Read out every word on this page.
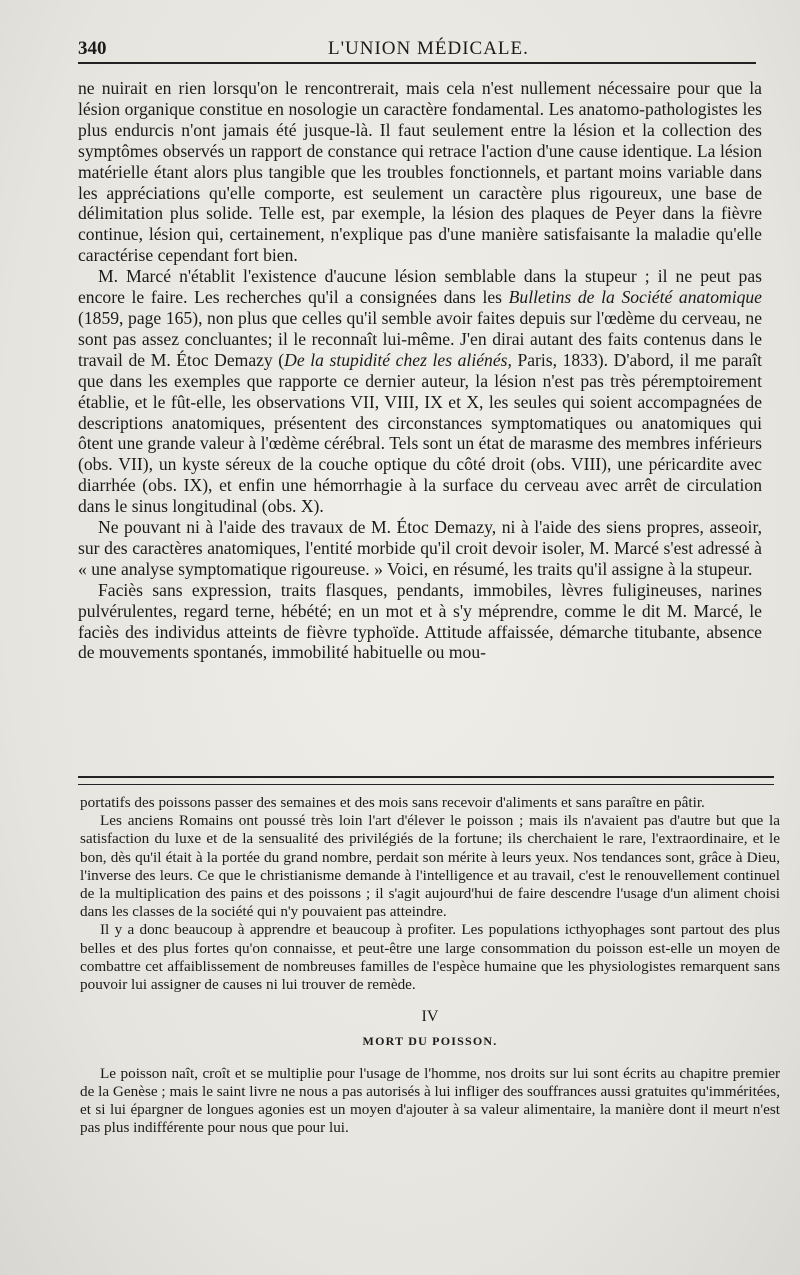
340	L'UNION MÉDICALE.

ne nuirait en rien lorsqu'on le rencontrerait, mais cela n'est nullement nécessaire pour que la lésion organique constitue en nosologie un caractère fondamental. Les anatomo-pathologistes les plus endurcis n'ont jamais été jusque-là. Il faut seulement entre la lésion et la collection des symptômes observés un rapport de constance qui retrace l'action d'une cause identique. La lésion matérielle étant alors plus tangible que les troubles fonctionnels, et partant moins variable dans les appréciations qu'elle comporte, est seulement un caractère plus rigoureux, une base de délimitation plus solide. Telle est, par exemple, la lésion des plaques de Peyer dans la fièvre continue, lésion qui, certainement, n'explique pas d'une manière satisfaisante la maladie qu'elle caractérise cependant fort bien.

M. Marcé n'établit l'existence d'aucune lésion semblable dans la stupeur ; il ne peut pas encore le faire. Les recherches qu'il a consignées dans les Bulletins de la Société anatomique (1859, page 165), non plus que celles qu'il semble avoir faites depuis sur l'œdème du cerveau, ne sont pas assez concluantes; il le reconnaît lui-même. J'en dirai autant des faits contenus dans le travail de M. Étoc Demazy (De la stupidité chez les aliénés, Paris, 1833). D'abord, il me paraît que dans les exemples que rapporte ce dernier auteur, la lésion n'est pas très péremptoirement établie, et le fût-elle, les observations VII, VIII, IX et X, les seules qui soient accompagnées de descriptions anatomiques, présentent des circonstances symptomatiques ou anatomiques qui ôtent une grande valeur à l'œdème cérébral. Tels sont un état de marasme des membres inférieurs (obs. VII), un kyste séreux de la couche optique du côté droit (obs. VIII), une péricardite avec diarrhée (obs. IX), et enfin une hémorrhagie à la surface du cerveau avec arrêt de circulation dans le sinus longitudinal (obs. X).

Ne pouvant ni à l'aide des travaux de M. Étoc Demazy, ni à l'aide des siens propres, asseoir, sur des caractères anatomiques, l'entité morbide qu'il croit devoir isoler, M. Marcé s'est adressé à « une analyse symptomatique rigoureuse. » Voici, en résumé, les traits qu'il assigne à la stupeur.

Faciès sans expression, traits flasques, pendants, immobiles, lèvres fuligineuses, narines pulvérulentes, regard terne, hébété; en un mot et à s'y méprendre, comme le dit M. Marcé, le faciès des individus atteints de fièvre typhoïde. Attitude affaissée, démarche titubante, absence de mouvements spontanés, immobilité habituelle ou mou-

portatifs des poissons passer des semaines et des mois sans recevoir d'aliments et sans paraître en pâtir.

Les anciens Romains ont poussé très loin l'art d'élever le poisson ; mais ils n'avaient pas d'autre but que la satisfaction du luxe et de la sensualité des privilégiés de la fortune; ils cherchaient le rare, l'extraordinaire, et le bon, dès qu'il était à la portée du grand nombre, perdait son mérite à leurs yeux. Nos tendances sont, grâce à Dieu, l'inverse des leurs. Ce que le christianisme demande à l'intelligence et au travail, c'est le renouvellement continuel de la multiplication des pains et des poissons ; il s'agit aujourd'hui de faire descendre l'usage d'un aliment choisi dans les classes de la société qui n'y pouvaient pas atteindre.

Il y a donc beaucoup à apprendre et beaucoup à profiter. Les populations icthyophages sont partout des plus belles et des plus fortes qu'on connaisse, et peut-être une large consommation du poisson est-elle un moyen de combattre cet affaiblissement de nombreuses familles de l'espèce humaine que les physiologistes remarquent sans pouvoir lui assigner de causes ni lui trouver de remède.

IV
MORT DU POISSON.

Le poisson naît, croît et se multiplie pour l'usage de l'homme, nos droits sur lui sont écrits au chapitre premier de la Genèse ; mais le saint livre ne nous a pas autorisés à lui infliger des souffrances aussi gratuites qu'imméritées, et si lui épargner de longues agonies est un moyen d'ajouter à sa valeur alimentaire, la manière dont il meurt n'est pas plus indifférente pour nous que pour lui.
